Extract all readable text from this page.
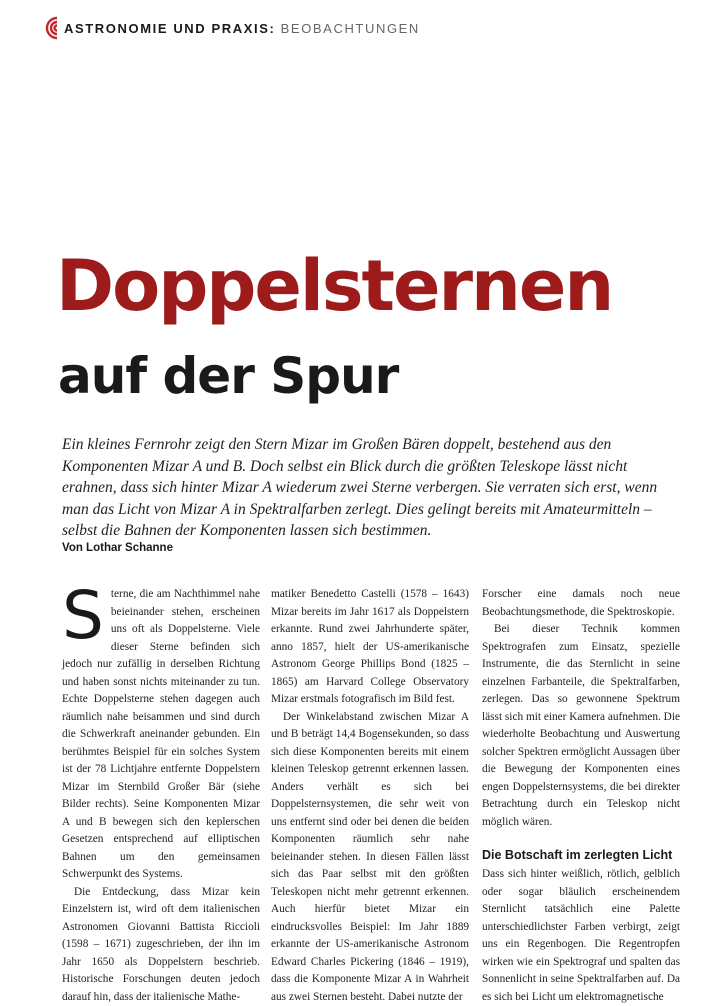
ASTRONOMIE UND PRAXIS: BEOBACHTUNGEN
Doppelsternen
auf der Spur

Ein kleines Fernrohr zeigt den Stern Mizar im Großen Bären doppelt, bestehend aus den Komponenten Mizar A und B. Doch selbst ein Blick durch die größten Teleskope lässt nicht erahnen, dass sich hinter Mizar A wiederum zwei Sterne verbergen. Sie verraten sich erst, wenn man das Licht von Mizar A in Spektralfarben zerlegt. Dies gelingt bereits mit Amateurmitteln – selbst die Bahnen der Komponenten lassen sich bestimmen.

Von Lothar Schanne

Sterne, die am Nachthimmel nahe beieinander stehen, erscheinen uns oft als Doppelsterne. Viele dieser Sterne befinden sich jedoch nur zufällig in derselben Richtung und haben sonst nichts miteinander zu tun. Echte Doppelsterne stehen dagegen auch räumlich nahe beisammen und sind durch die Schwerkraft aneinander gebunden. Ein berühmtes Beispiel für ein solches System ist der 78 Lichtjahre entfernte Doppelstern Mizar im Sternbild Großer Bär (siehe Bilder rechts). Seine Komponenten Mizar A und B bewegen sich den keplerschen Gesetzen entsprechend auf elliptischen Bahnen um den gemeinsamen Schwerpunkt des Systems.

Die Entdeckung, dass Mizar kein Einzelstern ist, wird oft dem italienischen Astronomen Giovanni Battista Riccioli (1598 – 1671) zugeschrieben, der ihn im Jahr 1650 als Doppelstern beschrieb. Historische Forschungen deuten jedoch darauf hin, dass der italienische Mathe-

matiker Benedetto Castelli (1578 – 1643) Mizar bereits im Jahr 1617 als Doppelstern erkannte. Rund zwei Jahrhunderte später, anno 1857, hielt der US-amerikanische Astronom George Phillips Bond (1825 – 1865) am Harvard College Observatory Mizar erstmals fotografisch im Bild fest.

Der Winkelabstand zwischen Mizar A und B beträgt 14,4 Bogensekunden, so dass sich diese Komponenten bereits mit einem kleinen Teleskop getrennt erkennen lassen. Anders verhält es sich bei Doppelsternsystemen, die sehr weit von uns entfernt sind oder bei denen die beiden Komponenten räumlich sehr nahe beieinander stehen. In diesen Fällen lässt sich das Paar selbst mit den größten Teleskopen nicht mehr getrennt erkennen. Auch hierfür bietet Mizar ein eindrucksvolles Beispiel: Im Jahr 1889 erkannte der US-amerikanische Astronom Edward Charles Pickering (1846 – 1919), dass die Komponente Mizar A in Wahrheit aus zwei Sternen besteht. Dabei nutzte der

Forscher eine damals noch neue Beobachtungsmethode, die Spektroskopie.

Bei dieser Technik kommen Spektrografen zum Einsatz, spezielle Instrumente, die das Sternlicht in seine einzelnen Farbanteile, die Spektralfarben, zerlegen. Das so gewonnene Spektrum lässt sich mit einer Kamera aufnehmen. Die wiederholte Beobachtung und Auswertung solcher Spektren ermöglicht Aussagen über die Bewegung der Komponenten eines engen Doppelsternsystems, die bei direkter Betrachtung durch ein Teleskop nicht möglich wären.

Die Botschaft im zerlegten Licht

Dass sich hinter weißlich, rötlich, gelblich oder sogar bläulich erscheinendem Sternlicht tatsächlich eine Palette unterschiedlichster Farben verbirgt, zeigt uns ein Regenbogen. Die Regentropfen wirken wie ein Spektrograf und spalten das Sonnenlicht in seine Spektralfarben auf. Da es sich bei Licht um elektromagnetische
